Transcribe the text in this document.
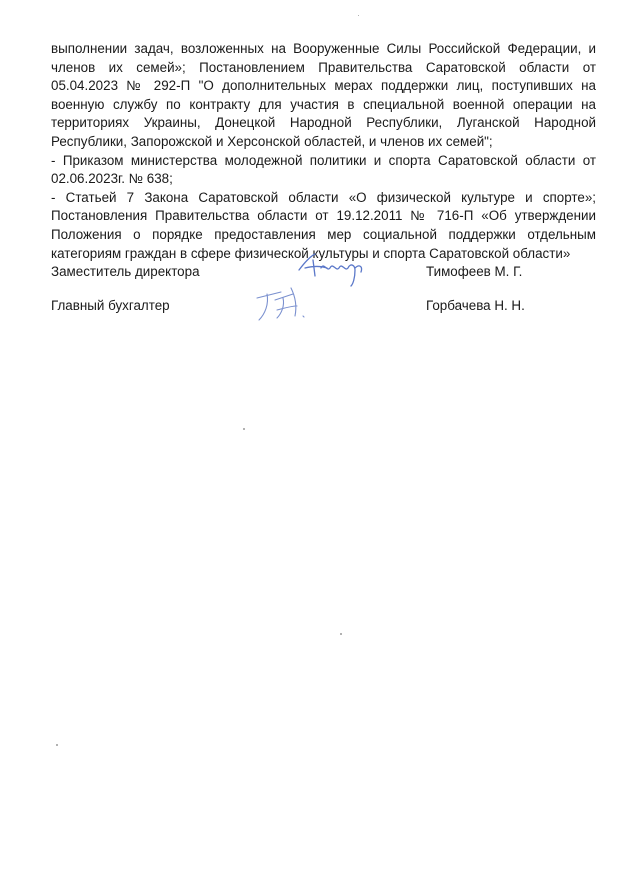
выполнении задач, возложенных на Вооруженные Силы Российской Федерации, и членов их семей»; Постановлением Правительства Саратовской области от 05.04.2023 № 292-П "О дополнительных мерах поддержки лиц, поступивших на военную службу по контракту для участия в специальной военной операции на территориях Украины, Донецкой Народной Республики, Луганской Народной Республики, Запорожской и Херсонской областей, и членов их семей";

- Приказом министерства молодежной политики и спорта Саратовской области от 02.06.2023г. № 638;

- Статьей 7 Закона Саратовской области «О физической культуре и спорте»; Постановления Правительства области от 19.12.2011 № 716-П «Об утверждении Положения о порядке предоставления мер социальной поддержки отдельным категориям граждан в сфере физической культуры и спорта Саратовской области»

Заместитель директора	Тимофеев М. Г.
Главный бухгалтер	Горбачева Н. Н.
